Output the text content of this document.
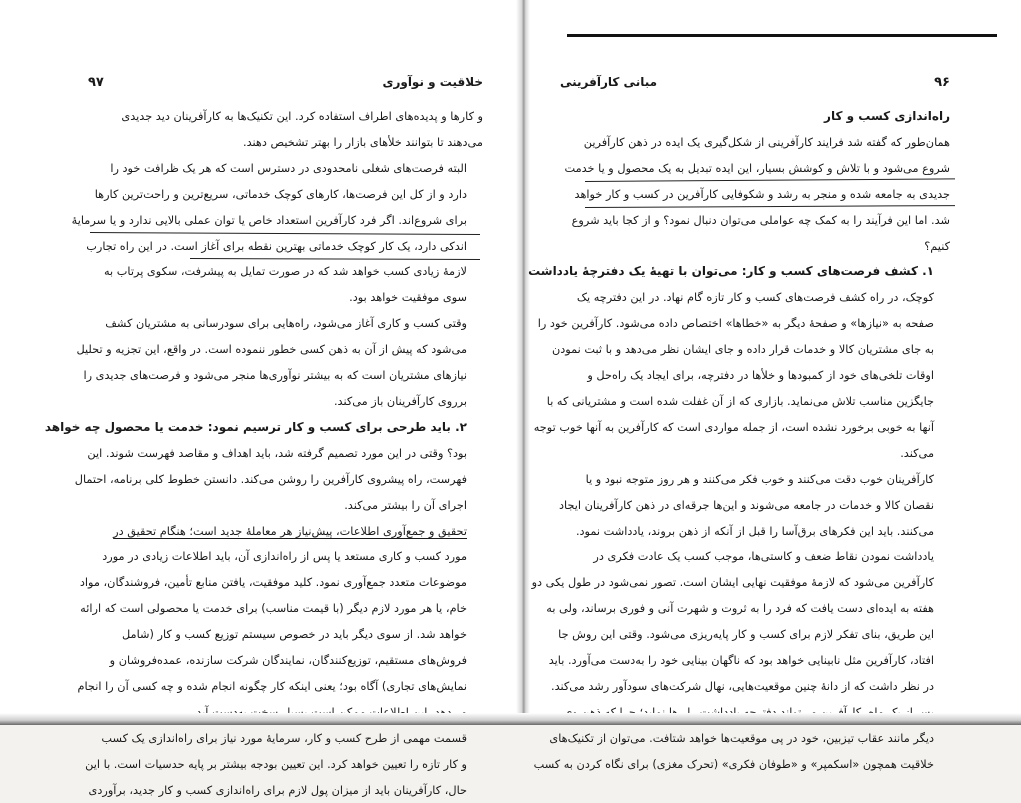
خلاقیت و نوآوری
۹۷

و کارها و پدیده‌های اطراف استفاده کرد. این تکنیک‌ها به کارآفرینان دید جدیدی
می‌دهند تا بتوانند خلأهای بازار را بهتر تشخیص دهند.

البته فرصت‌های شغلی نامحدودی در دسترس است که هر یک ظرافت خود را
دارد و از کل این فرصت‌ها، کارهای کوچک خدماتی، سریع‌ترین و راحت‌ترین کارها
برای شروع‌اند. اگر فرد کارآفرین استعداد خاص یا توان عملی بالایی ندارد و یا سرمایهٔ
اندکی دارد، یک کار کوچک خدماتی بهترین نقطه برای آغاز است. در این راه تجارب
لازمهٔ زیادی کسب خواهد شد که در صورت تمایل به پیشرفت، سکوی پرتاب به
سوی موفقیت خواهد بود.

وقتی کسب و کاری آغاز می‌شود، راه‌هایی برای سودرسانی به مشتریان کشف
می‌شود که پیش از آن به ذهن کسی خطور ننموده است. در واقع، این تجزیه و تحلیل
نیازهای مشتریان است که به بیشتر نوآوری‌ها منجر می‌شود و فرصت‌های جدیدی را
برروی کارآفرینان باز می‌کند.

۲. باید طرحی برای کسب و کار ترسیم نمود: خدمت یا محصول چه خواهد
بود؟ وقتی در این مورد تصمیم گرفته شد، باید اهداف و مقاصد فهرست شوند. این
فهرست، راه پیشروی کارآفرین را روشن می‌کند. دانستن خطوط کلی برنامه، احتمال
اجرای آن را بیشتر می‌کند.

تحقیق و جمع‌آوری اطلاعات، پیش‌نیاز هر معاملهٔ جدید است؛ هنگام تحقیق در
مورد کسب و کاری مستعد یا پس از راه‌اندازی آن، باید اطلاعات زیادی در مورد
موضوعات متعدد جمع‌آوری نمود. کلید موفقیت، یافتن منابع تأمین، فروشندگان، مواد
خام، یا هر مورد لازم دیگر (با قیمت مناسب) برای خدمت یا محصولی است که ارائه
خواهد شد. از سوی دیگر باید در خصوص سیستم توزیع کسب و کار (شامل
فروش‌های مستقیم، توزیع‌کنندگان، نمایندگان شرکت سازنده، عمده‌فروشان و
نمایش‌های تجاری) آگاه بود؛ یعنی اینکه کار چگونه انجام شده و چه کسی آن را انجام

قسمت مهمی از طرح کسب و کار، سرمایهٔ مورد نیاز برای راه‌اندازی یک کسب
و کار تازه را تعیین خواهد کرد. این تعیین بودجه بیشتر بر پایه حدسیات است. با این
حال، کارآفرینان باید از میزان پول لازم برای راه‌اندازی کسب و کار جدید، برآوردی

۹۶
مبانی کارآفرینی

راه‌اندازی کسب و کار

همان‌طور که گفته شد فرایند کارآفرینی از شکل‌گیری یک ایده در ذهن کارآفرین
شروع می‌شود و با تلاش و کوشش بسیار، این ایده تبدیل به یک محصول و یا خدمت
جدیدی به جامعه شده و منجر به رشد و شکوفایی کارآفرین در کسب و کار خواهد
شد. اما این فرآیند را به کمک چه عواملی می‌توان دنبال نمود؟ و از کجا باید شروع
کنیم؟

۱. کشف فرصت‌های کسب و کار: می‌توان با تهیهٔ یک دفترچهٔ یادداشت
کوچک، در راه کشف فرصت‌های کسب و کار تازه گام نهاد. در این دفترچه یک
صفحه به «نیازها» و صفحهٔ دیگر به «خطاها» اختصاص داده می‌شود. کارآفرین خود را
به جای مشتریان کالا و خدمات قرار داده و جای ایشان نظر می‌دهد و با ثبت نمودن
اوقات تلخی‌های خود از کمبودها و خلأها در دفترچه، برای ایجاد یک راه‌حل و
جایگزین مناسب تلاش می‌نماید. بازاری که از آن غفلت شده است و مشتریانی که با
آنها به خوبی برخورد نشده است، از جمله مواردی است که کارآفرین به آنها خوب توجه
می‌کند.

کارآفرینان خوب دقت می‌کنند و خوب فکر می‌کنند و هر روز متوجه نبود و یا
نقصان کالا و خدمات در جامعه می‌شوند و این‌ها جرقه‌ای در ذهن کارآفرینان ایجاد
می‌کنند. باید این فکرهای برق‌آسا را قبل از آنکه از ذهن بروند، یادداشت نمود.

یادداشت نمودن نقاط ضعف و کاستی‌ها، موجب کسب یک عادت فکری در
کارآفرین می‌شود که لازمهٔ موفقیت نهایی ایشان است. تصور نمی‌شود در طول یکی دو
هفته به ایده‌ای دست یافت که فرد را به ثروت و شهرت آنی و فوری برساند، ولی به
این طریق، بنای تفکر لازم برای کسب و کار پایه‌ریزی می‌شود. وقتی این روش جا
افتاد، کارآفرین مثل نابینایی خواهد بود که ناگهان بینایی خود را به‌دست می‌آورد. باید
در نظر داشت که از دانهٔ چنین موقعیت‌هایی، نهال شرکت‌های سودآور رشد می‌کند.
دیگر مانند عقاب تیزبین، خود در پی موقعیت‌ها خواهد شتافت. می‌توان از تکنیک‌های
خلاقیت همچون «اسکمپر» و «طوفان فکری» (تحرک مغزی) برای نگاه کردن به کسب
